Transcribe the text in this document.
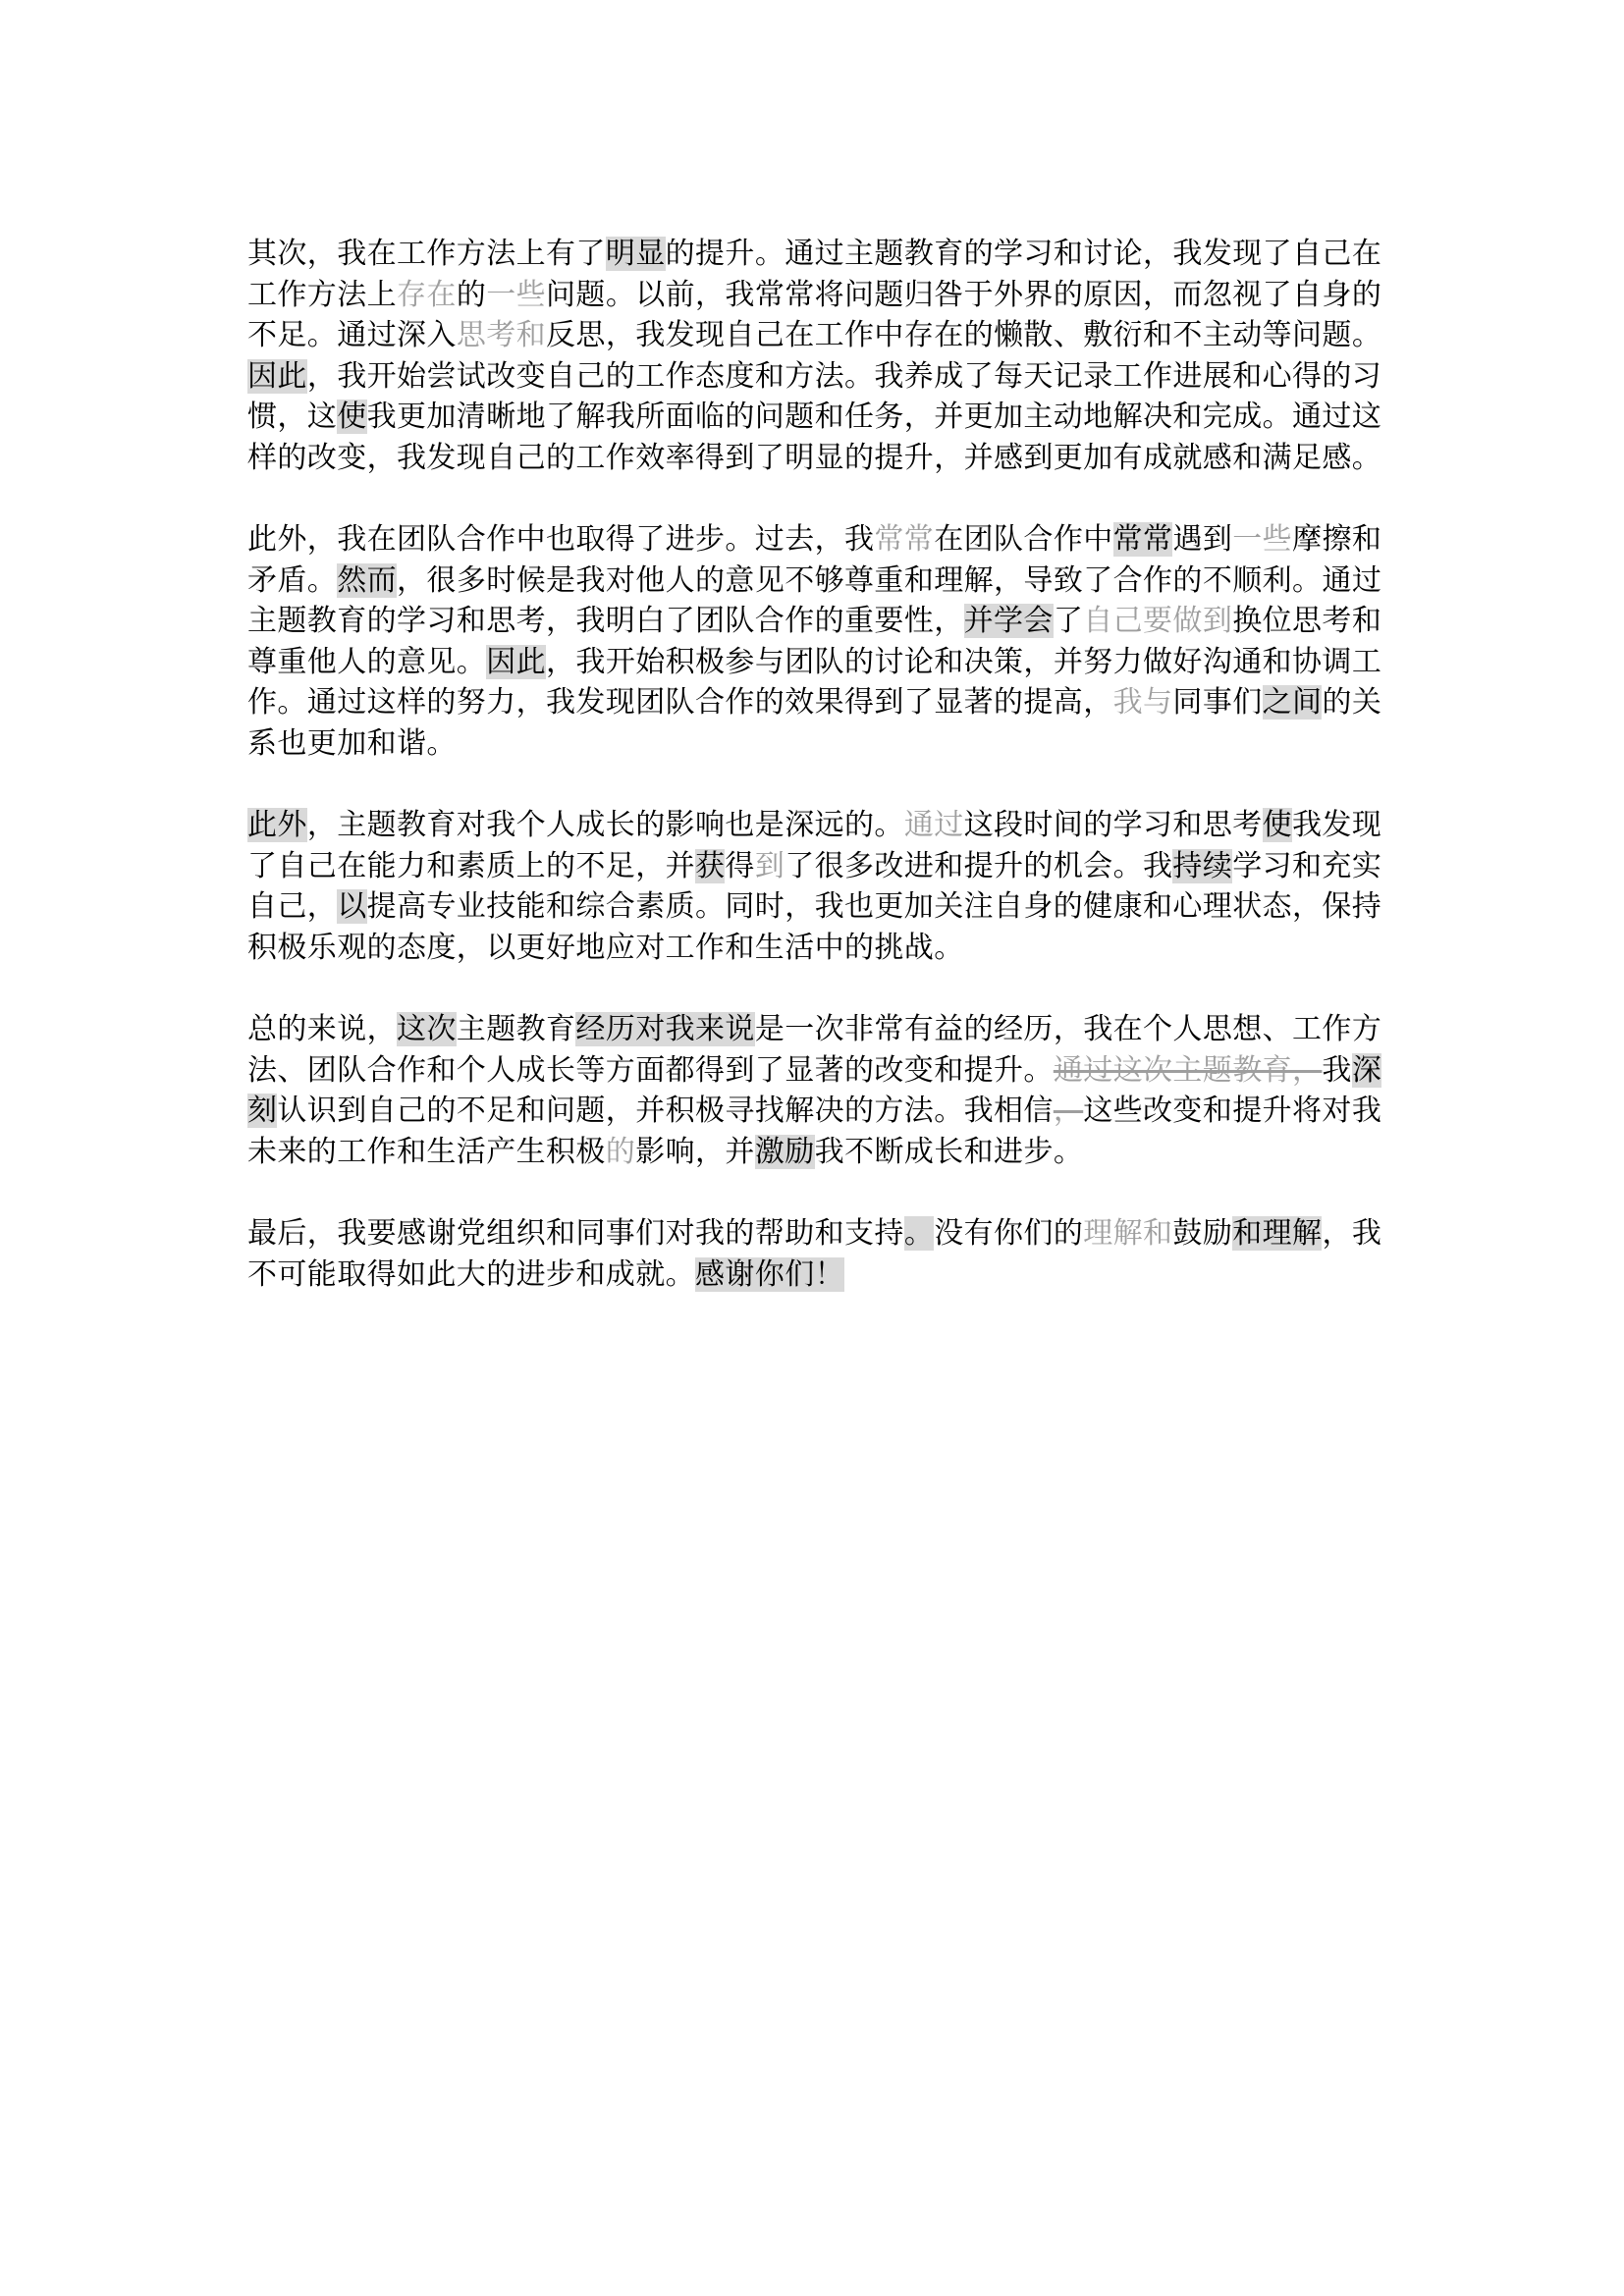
其次，我在工作方法上有了明显的提升。通过主题教育的学习和讨论，我发现了自己在工作方法上存在的一些问题。以前，我常常将问题归咎于外界的原因，而忽视了自身的不足。通过深入思考和反思，我发现自己在工作中存在的懒散、敷衍和不主动等问题。因此，我开始尝试改变自己的工作态度和方法。我养成了每天记录工作进展和心得的习惯，这使我更加清晰地了解我所面临的问题和任务，并更加主动地解决和完成。通过这样的改变，我发现自己的工作效率得到了明显的提升，并感到更加有成就感和满足感。

此外，我在团队合作中也取得了进步。过去，我常常在团队合作中常常遇到一些摩擦和矛盾。然而，很多时候是我对他人的意见不够尊重和理解，导致了合作的不顺利。通过主题教育的学习和思考，我明白了团队合作的重要性，并学会了自己要做到换位思考和尊重他人的意见。因此，我开始积极参与团队的讨论和决策，并努力做好沟通和协调工作。通过这样的努力，我发现团队合作的效果得到了显著的提高，我与同事们之间的关系也更加和谐。

此外，主题教育对我个人成长的影响也是深远的。通过这段时间的学习和思考使我发现了自己在能力和素质上的不足，并获得到了很多改进和提升的机会。我持续学习和充实自己，以提高专业技能和综合素质。同时，我也更加关注自身的健康和心理状态，保持积极乐观的态度，以更好地应对工作和生活中的挑战。

总的来说，这次主题教育经历对我来说是一次非常有益的经历，我在个人思想、工作方法、团队合作和个人成长等方面都得到了显著的改变和提升。通过这次主题教育，我深刻认识到自己的不足和问题，并积极寻找解决的方法。我相信，这些改变和提升将对我未来的工作和生活产生积极的影响，并激励我不断成长和进步。

最后，我要感谢党组织和同事们对我的帮助和支持。没有你们的理解和鼓励和理解，我不可能取得如此大的进步和成就。感谢你们！
